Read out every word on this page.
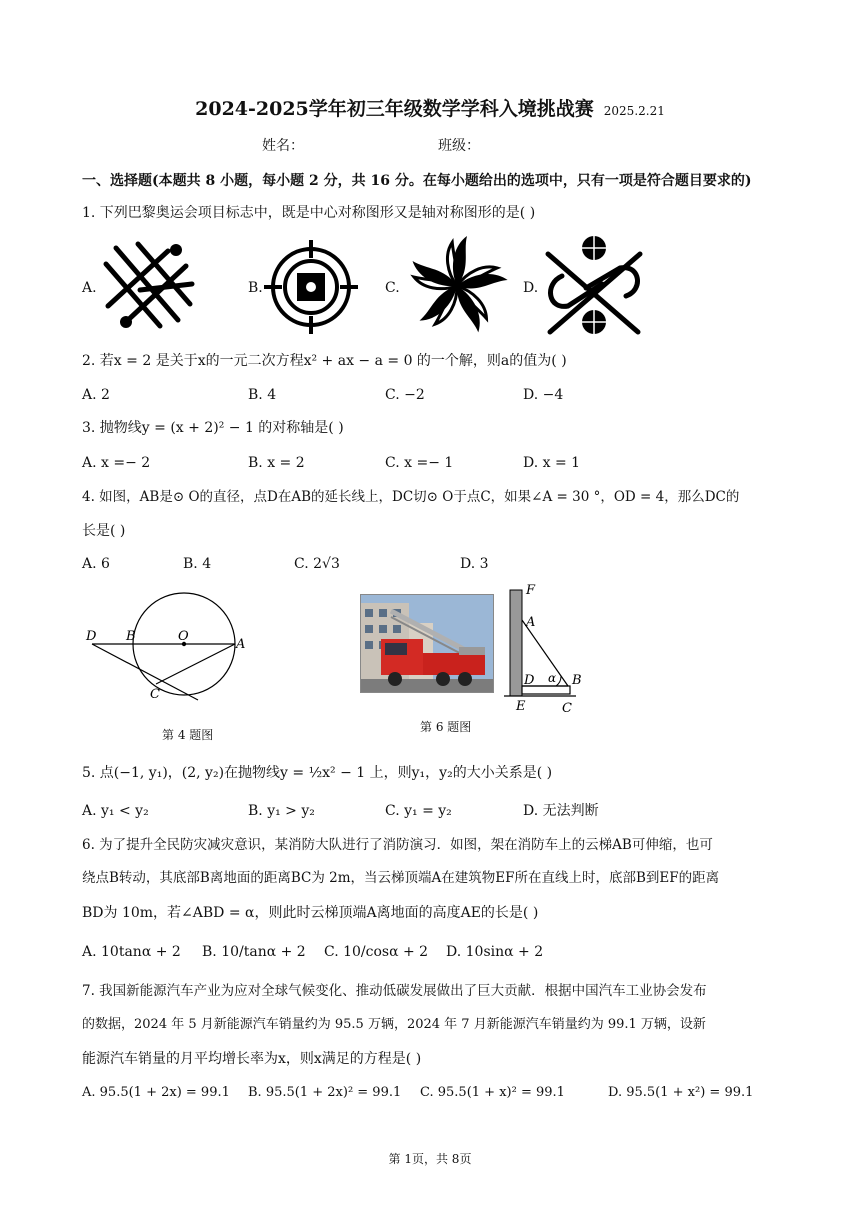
2024-2025学年初三年级数学学科入境挑战赛 2025.2.21
姓名：	班级：
一、选择题(本题共 8 小题，每小题 2 分，共 16 分。在每小题给出的选项中，只有一项是符合题目要求的)
1. 下列巴黎奥运会项目标志中，既是中心对称图形又是轴对称图形的是( )
A.	B.	C.	D.
2. 若x = 2 是关于x的一元二次方程x² + ax − a = 0 的一个解，则a的值为( )
A. 2	B. 4	C. −2	D. −4
3. 抛物线y = (x + 2)² − 1 的对称轴是( )
A. x =− 2	B. x = 2	C. x =− 1	D. x = 1
4. 如图，AB是⊙ O的直径，点D在AB的延长线上，DC切⊙ O于点C，如果∠A = 30 °，OD = 4，那么DC的
长是( )
A. 6	B. 4	C. 2√3	D. 3
D B	O
A
C
第 4 题图
F
A
D α B
E	C
第 6 题图
5. 点(−1, y₁)，(2, y₂)在抛物线y = ½x² − 1 上，则y₁，y₂的大小关系是( )
A. y₁ < y₂	B. y₁ > y₂	C. y₁ = y₂	D. 无法判断
6. 为了提升全民防灾减灾意识，某消防大队进行了消防演习．如图，架在消防车上的云梯AB可伸缩，也可
绕点B转动，其底部B离地面的距离BC为 2m，当云梯顶端A在建筑物EF所在直线上时，底部B到EF的距离
BD为 10m，若∠ABD = α，则此时云梯顶端A离地面的高度AE的长是( )
A. 10tanα + 2 B. 10/tanα + 2 C. 10/cosα + 2 D. 10sinα + 2
7. 我国新能源汽车产业为应对全球气候变化、推动低碳发展做出了巨大贡献．根据中国汽车工业协会发布
的数据，2024 年 5 月新能源汽车销量约为 95.5 万辆，2024 年 7 月新能源汽车销量约为 99.1 万辆，设新
能源汽车销量的月平均增长率为x，则x满足的方程是( )
A. 95.5(1 + 2x) = 99.1 B. 95.5(1 + 2x)² = 99.1 C. 95.5(1 + x)² = 99.1	D. 95.5(1 + x²) = 99.1
第 1页，共 8页
